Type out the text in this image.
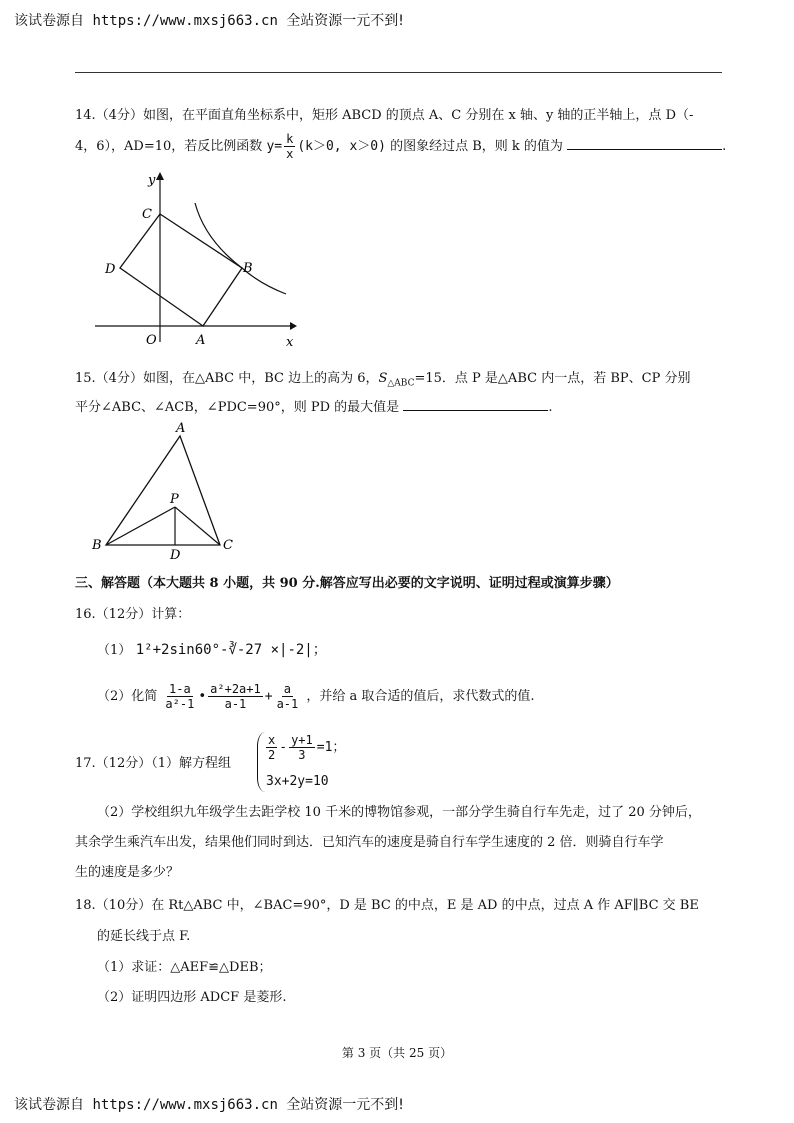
该试卷源自 https://www.mxsj663.cn 全站资源一元不到!
14.（4分）如图，在平面直角坐标系中，矩形 ABCD 的顶点 A、C 分别在 x 轴、y 轴的正半轴上，点 D（-
4，6），AD=10，若反比例函数 $y= \frac{k}{x} (k>0$, x＞0) 的图象经过点 B，则 k 的值为	.
y
x
C
D	B
O	A
15.（4分）如图，在△ABC 中，BC 边上的高为 6，$S_{\triangle ABC}=15$．点 P 是△ABC 内一点，若 BP、CP 分别
平分∠ABC、∠ACB，∠PDC=90°，则 PD 的最大值是	.
A
P
B
D
C
三、解答题（本大题共 8 小题，共 90 分.解答应写出必要的文字说明、证明过程或演算步骤）
16.（12分）计算：
（1） 1²+2sin60°-∛-27 ×|-2|；
（2）化简 $\frac{1-a}{\text{a²-1}}$ • $\frac{\text{a²+2a+1}}{a-1} + \frac{a}{a-1}$ ，并给 a 取合适的值后，求代数式的值.
17.（12分）（1）解方程组
$\frac{x}{2} - \frac{y+1}{3} =1$；
3x+2y=10
（2）学校组织九年级学生去距学校 10 千米的博物馆参观，一部分学生骑自行车先走，过了 20 分钟后，
其余学生乘汽车出发，结果他们同时到达．已知汽车的速度是骑自行车学生速度的 2 倍．则骑自行车学
生的速度是多少？
18.（10分）在 Rt△ABC 中，∠BAC=90°，D 是 BC 的中点，E 是 AD 的中点，过点 A 作 AF∥BC 交 BE
的延长线于点 F.
（1）求证：△AEF≌△DEB；
（2）证明四边形 ADCF 是菱形.
第 3 页（共 25 页）
该试卷源自 https://www.mxsj663.cn 全站资源一元不到!
